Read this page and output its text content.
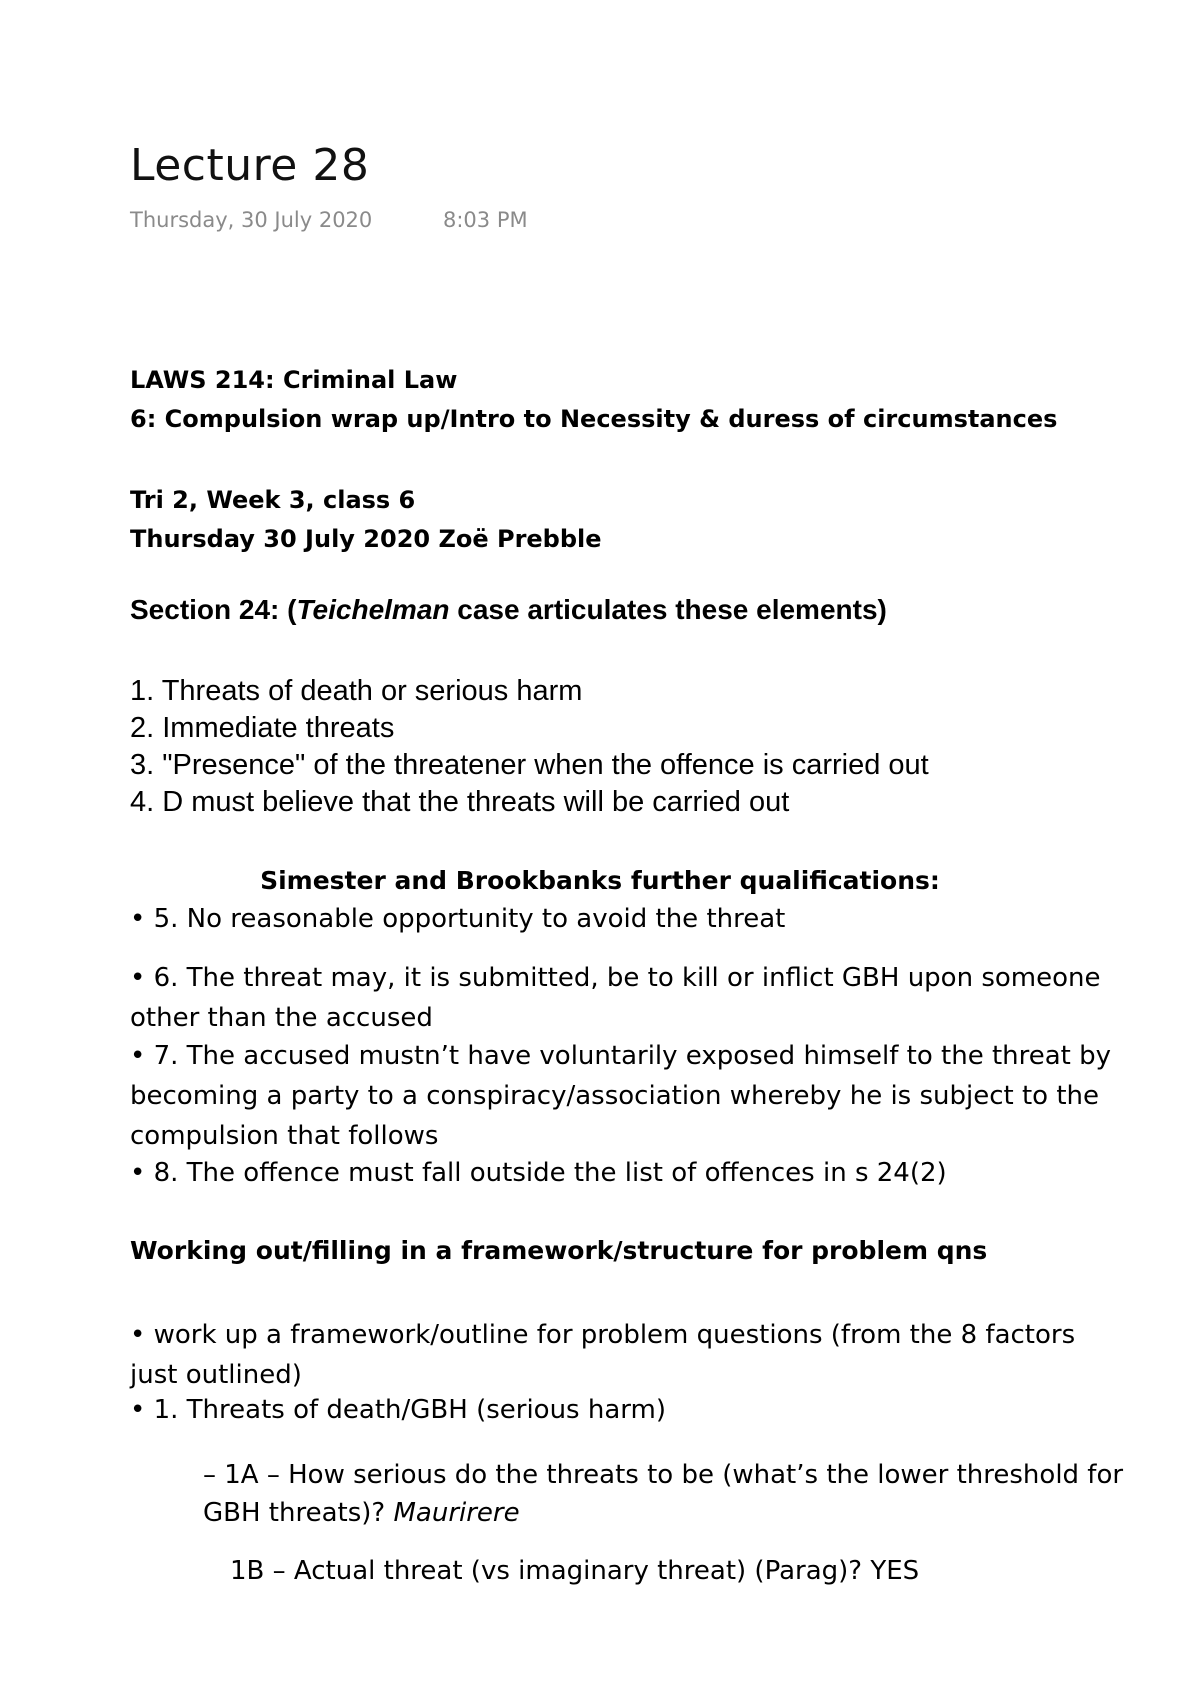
Lecture 28
Thursday, 30 July 2020	8:03 PM
LAWS 214: Criminal Law
6: Compulsion wrap up/Intro to Necessity & duress of circumstances
Tri 2, Week 3, class 6
Thursday 30 July 2020 Zoë Prebble
Section 24: (Teichelman case articulates these elements)
1. Threats of death or serious harm
2. Immediate threats
3. "Presence" of the threatener when the offence is carried out
4. D must believe that the threats will be carried out
Simester and Brookbanks further qualifications:
• 5. No reasonable opportunity to avoid the threat
• 6. The threat may, it is submitted, be to kill or inflict GBH upon someone other than the accused
• 7. The accused mustn’t have voluntarily exposed himself to the threat by becoming a party to a conspiracy/association whereby he is subject to the compulsion that follows
• 8. The offence must fall outside the list of offences in s 24(2)
Working out/filling in a framework/structure for problem qns
• work up a framework/outline for problem questions (from the 8 factors just outlined)
• 1. Threats of death/GBH (serious harm)
– 1A – How serious do the threats to be (what’s the lower threshold for GBH threats)? Maurirere
1B – Actual threat (vs imaginary threat) (Parag)? YES
